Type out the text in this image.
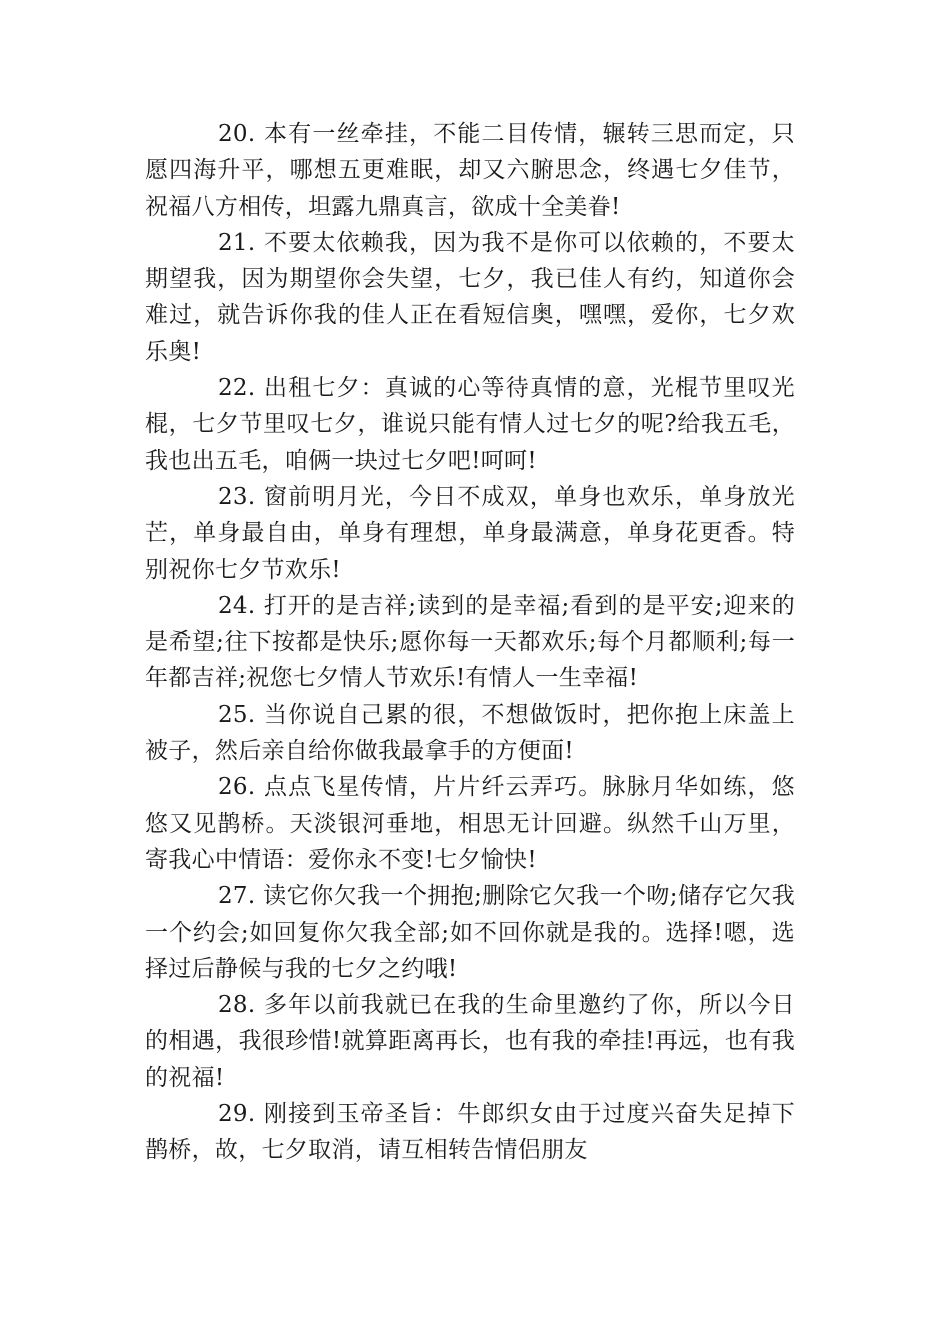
20. 本有一丝牵挂，不能二目传情，辗转三思而定，只愿四海升平，哪想五更难眠，却又六腑思念，终遇七夕佳节，祝福八方相传，坦露九鼎真言，欲成十全美眷!

21. 不要太依赖我，因为我不是你可以依赖的，不要太期望我，因为期望你会失望，七夕，我已佳人有约，知道你会难过，就告诉你我的佳人正在看短信奥，嘿嘿，爱你，七夕欢乐奥!

22. 出租七夕：真诚的心等待真情的意，光棍节里叹光棍，七夕节里叹七夕，谁说只能有情人过七夕的呢?给我五毛，我也出五毛，咱俩一块过七夕吧!呵呵!

23. 窗前明月光，今日不成双，单身也欢乐，单身放光芒，单身最自由，单身有理想，单身最满意，单身花更香。特别祝你七夕节欢乐!

24. 打开的是吉祥;读到的是幸福;看到的是平安;迎来的是希望;往下按都是快乐;愿你每一天都欢乐;每个月都顺利;每一年都吉祥;祝您七夕情人节欢乐!有情人一生幸福!

25. 当你说自己累的很，不想做饭时，把你抱上床盖上被子，然后亲自给你做我最拿手的方便面!

26. 点点飞星传情，片片纤云弄巧。脉脉月华如练，悠悠又见鹊桥。天淡银河垂地，相思无计回避。纵然千山万里，寄我心中情语：爱你永不变!七夕愉快!

27. 读它你欠我一个拥抱;删除它欠我一个吻;储存它欠我一个约会;如回复你欠我全部;如不回你就是我的。选择!嗯，选择过后静候与我的七夕之约哦!

28. 多年以前我就已在我的生命里邀约了你，所以今日的相遇，我很珍惜!就算距离再长，也有我的牵挂!再远，也有我的祝福!

29. 刚接到玉帝圣旨：牛郎织女由于过度兴奋失足掉下鹊桥，故，七夕取消，请互相转告情侣朋友
